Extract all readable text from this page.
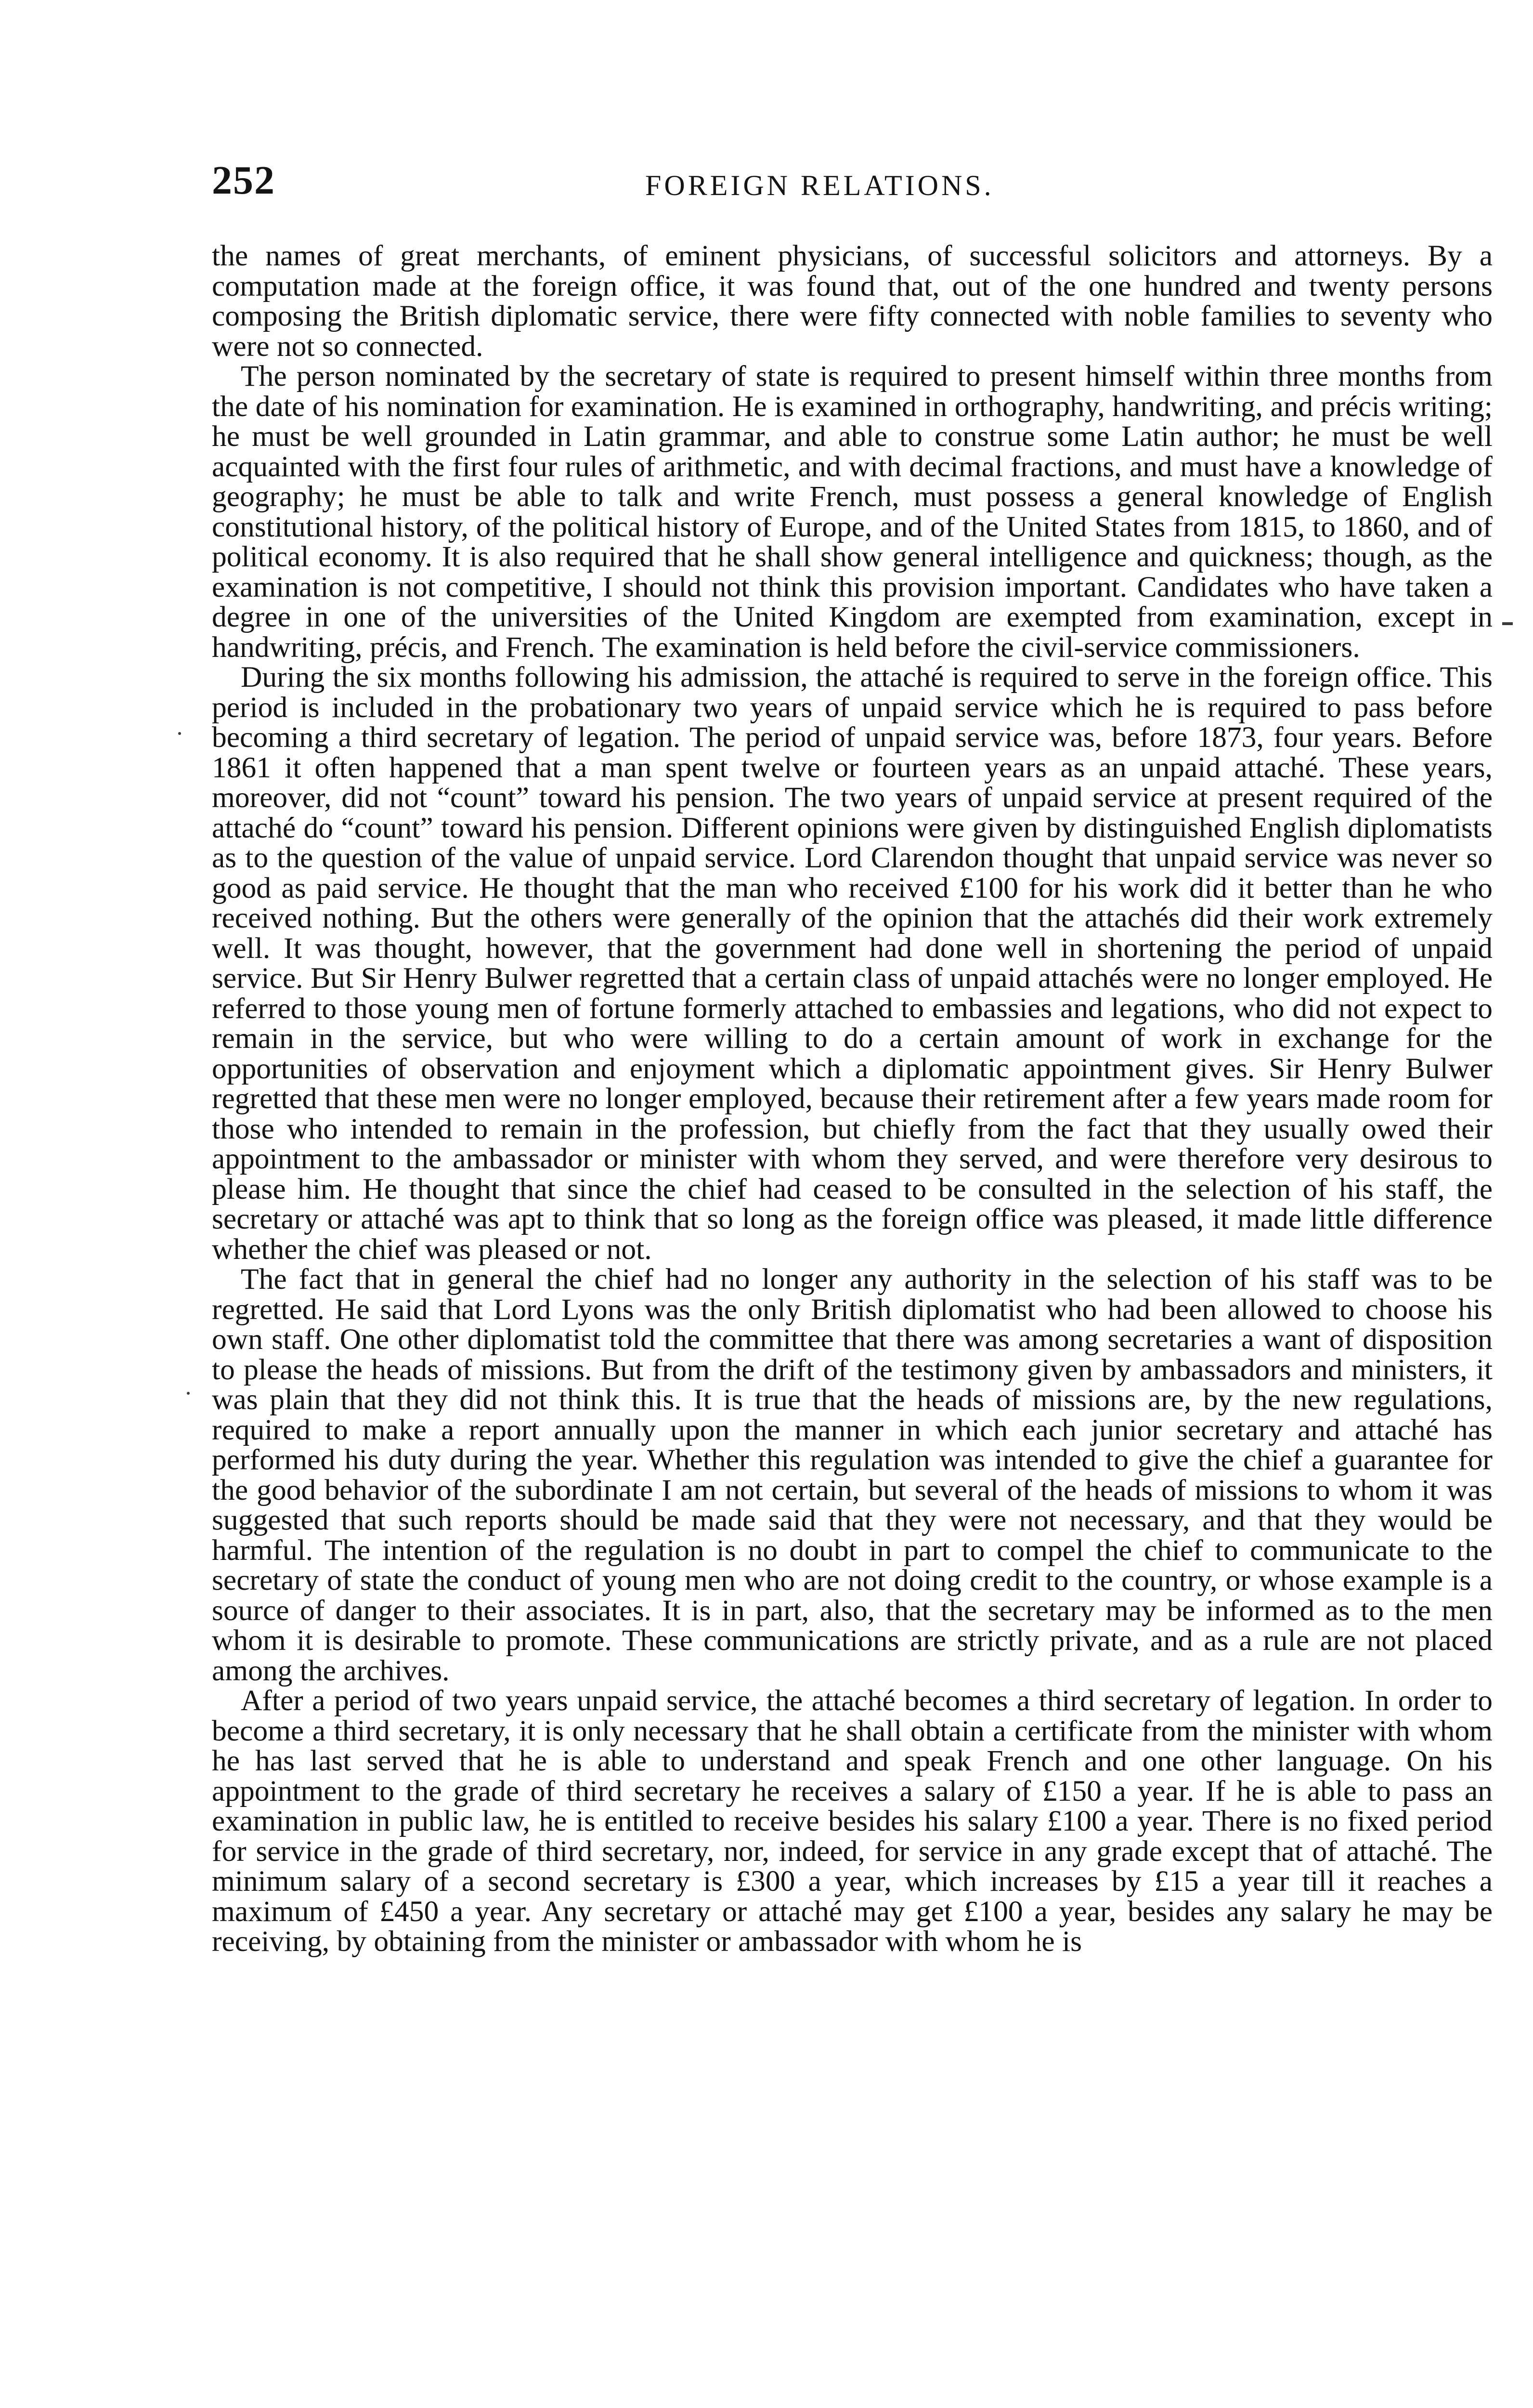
252	FOREIGN RELATIONS.

the names of great merchants, of eminent physicians, of successful solicitors and attorneys. By a computation made at the foreign office, it was found that, out of the one hundred and twenty persons composing the British diplomatic service, there were fifty connected with noble families to seventy who were not so connected.

The person nominated by the secretary of state is required to present himself within three months from the date of his nomination for examination. He is examined in orthography, handwriting, and précis writing; he must be well grounded in Latin grammar, and able to construe some Latin author; he must be well acquainted with the first four rules of arithmetic, and with decimal fractions, and must have a knowledge of geography; he must be able to talk and write French, must possess a general knowledge of English constitutional history, of the political history of Europe, and of the United States from 1815, to 1860, and of political economy. It is also required that he shall show general intelligence and quickness; though, as the examination is not competitive, I should not think this provision important. Candidates who have taken a degree in one of the universities of the United Kingdom are exempted from examination, except in handwriting, précis, and French. The examination is held before the civil-service commissioners.

During the six months following his admission, the attaché is required to serve in the foreign office. This period is included in the probationary two years of unpaid service which he is required to pass before becoming a third secretary of legation. The period of unpaid service was, before 1873, four years. Before 1861 it often happened that a man spent twelve or fourteen years as an unpaid attaché. These years, moreover, did not “count” toward his pension. The two years of unpaid service at present required of the attaché do “count” toward his pension. Different opinions were given by distinguished English diplomatists as to the question of the value of unpaid service. Lord Clarendon thought that unpaid service was never so good as paid service. He thought that the man who received £100 for his work did it better than he who received nothing. But the others were generally of the opinion that the attachés did their work extremely well. It was thought, however, that the government had done well in shortening the period of unpaid service. But Sir Henry Bulwer regretted that a certain class of unpaid attachés were no longer employed. He referred to those young men of fortune formerly attached to embassies and legations, who did not expect to remain in the service, but who were willing to do a certain amount of work in exchange for the opportunities of observation and enjoyment which a diplomatic appointment gives. Sir Henry Bulwer regretted that these men were no longer employed, because their retirement after a few years made room for those who intended to remain in the profession, but chiefly from the fact that they usually owed their appointment to the ambassador or minister with whom they served, and were therefore very desirous to please him. He thought that since the chief had ceased to be consulted in the selection of his staff, the secretary or attaché was apt to think that so long as the foreign office was pleased, it made little difference whether the chief was pleased or not.

The fact that in general the chief had no longer any authority in the selection of his staff was to be regretted. He said that Lord Lyons was the only British diplomatist who had been allowed to choose his own staff. One other diplomatist told the committee that there was among secretaries a want of disposition to please the heads of missions. But from the drift of the testimony given by ambassadors and ministers, it was plain that they did not think this. It is true that the heads of missions are, by the new regulations, required to make a report annually upon the manner in which each junior secretary and attaché has performed his duty during the year. Whether this regulation was intended to give the chief a guarantee for the good behavior of the subordinate I am not certain, but several of the heads of missions to whom it was suggested that such reports should be made said that they were not necessary, and that they would be harmful. The intention of the regulation is no doubt in part to compel the chief to communicate to the secretary of state the conduct of young men who are not doing credit to the country, or whose example is a source of danger to their associates. It is in part, also, that the secretary may be informed as to the men whom it is desirable to promote. These communications are strictly private, and as a rule are not placed among the archives.

After a period of two years unpaid service, the attaché becomes a third secretary of legation. In order to become a third secretary, it is only necessary that he shall obtain a certificate from the minister with whom he has last served that he is able to understand and speak French and one other language. On his appointment to the grade of third secretary he receives a salary of £150 a year. If he is able to pass an examination in public law, he is entitled to receive besides his salary £100 a year. There is no fixed period for service in the grade of third secretary, nor, indeed, for service in any grade except that of attaché. The minimum salary of a second secretary is £300 a year, which increases by £15 a year till it reaches a maximum of £450 a year. Any secretary or attaché may get £100 a year, besides any salary he may be receiving, by obtaining from the minister or ambassador with whom he is
